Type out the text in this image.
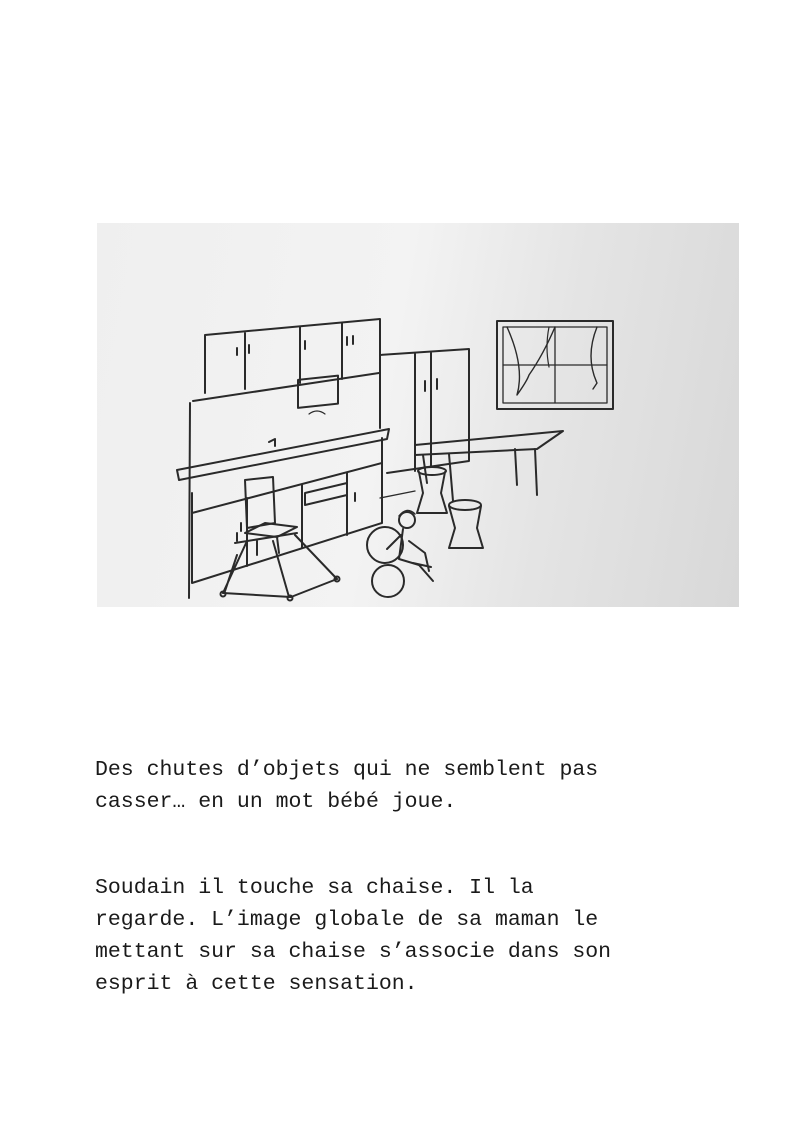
Des chutes d’objets qui ne semblent pas
casser… en un mot bébé joue.

Soudain il touche sa chaise. Il la
regarde. L’image globale de sa maman le
mettant sur sa chaise s’associe dans son
esprit à cette sensation.
